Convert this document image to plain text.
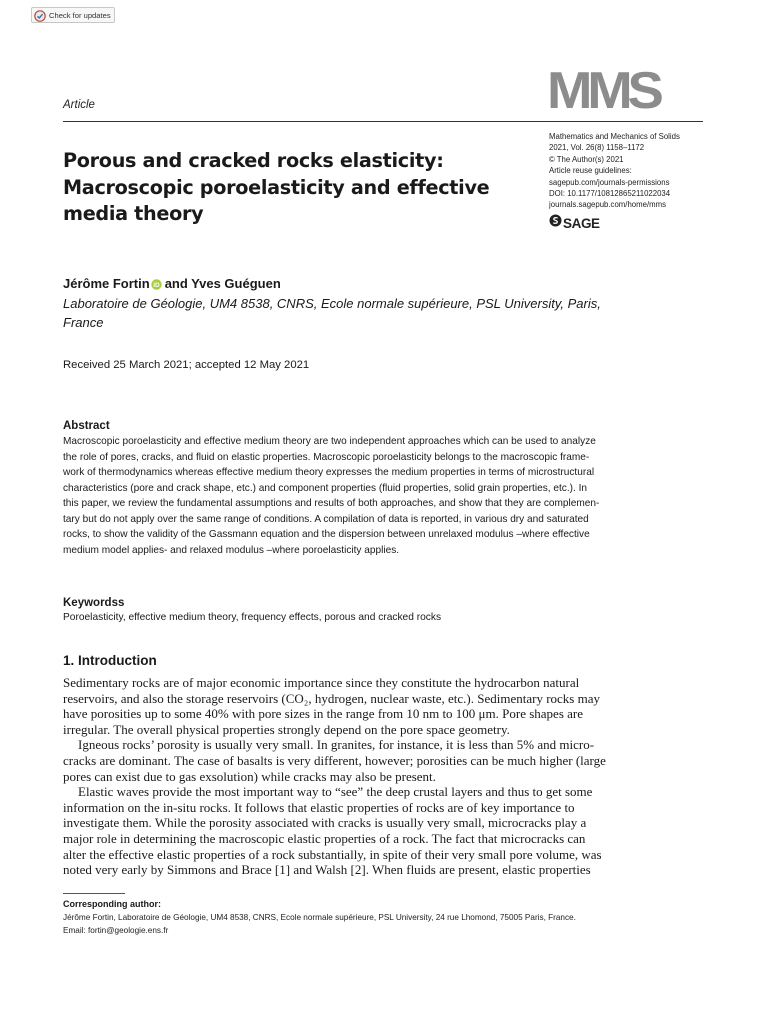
Check for updates
MMS
Article
Porous and cracked rocks elasticity:
Macroscopic poroelasticity and effective
media theory
Mathematics and Mechanics of Solids
2021, Vol. 26(8) 1158–1172
© The Author(s) 2021
Article reuse guidelines:
sagepub.com/journals-permissions
DOI: 10.1177/10812865211022034
journals.sagepub.com/home/mms
SAGE
Jérôme Fortin iD and Yves Guéguen
Laboratoire de Géologie, UM4 8538, CNRS, Ecole normale supérieure, PSL University, Paris,
France
Received 25 March 2021; accepted 12 May 2021
Abstract
Macroscopic poroelasticity and effective medium theory are two independent approaches which can be used to analyze
the role of pores, cracks, and fluid on elastic properties. Macroscopic poroelasticity belongs to the macroscopic frame-
work of thermodynamics whereas effective medium theory expresses the medium properties in terms of microstructural
characteristics (pore and crack shape, etc.) and component properties (fluid properties, solid grain properties, etc.). In
this paper, we review the fundamental assumptions and results of both approaches, and show that they are complemen-
tary but do not apply over the same range of conditions. A compilation of data is reported, in various dry and saturated
rocks, to show the validity of the Gassmann equation and the dispersion between unrelaxed modulus –where effective
medium model applies- and relaxed modulus –where poroelasticity applies.
Keywordss
Poroelasticity, effective medium theory, frequency effects, porous and cracked rocks
1. Introduction
Sedimentary rocks are of major economic importance since they constitute the hydrocarbon natural
reservoirs, and also the storage reservoirs (CO₂, hydrogen, nuclear waste, etc.). Sedimentary rocks may
have porosities up to some 40% with pore sizes in the range from 10 nm to 100 μm. Pore shapes are
irregular. The overall physical properties strongly depend on the pore space geometry.
Igneous rocks’ porosity is usually very small. In granites, for instance, it is less than 5% and micro-
cracks are dominant. The case of basalts is very different, however; porosities can be much higher (large
pores can exist due to gas exsolution) while cracks may also be present.
Elastic waves provide the most important way to “see” the deep crustal layers and thus to get some
information on the in-situ rocks. It follows that elastic properties of rocks are of key importance to
investigate them. While the porosity associated with cracks is usually very small, microcracks play a
major role in determining the macroscopic elastic properties of a rock. The fact that microcracks can
alter the effective elastic properties of a rock substantially, in spite of their very small pore volume, was
noted very early by Simmons and Brace [1] and Walsh [2]. When fluids are present, elastic properties
Corresponding author:
Jérôme Fortin, Laboratoire de Géologie, UM4 8538, CNRS, Ecole normale supérieure, PSL University, 24 rue Lhomond, 75005 Paris, France.
Email: fortin@geologie.ens.fr
